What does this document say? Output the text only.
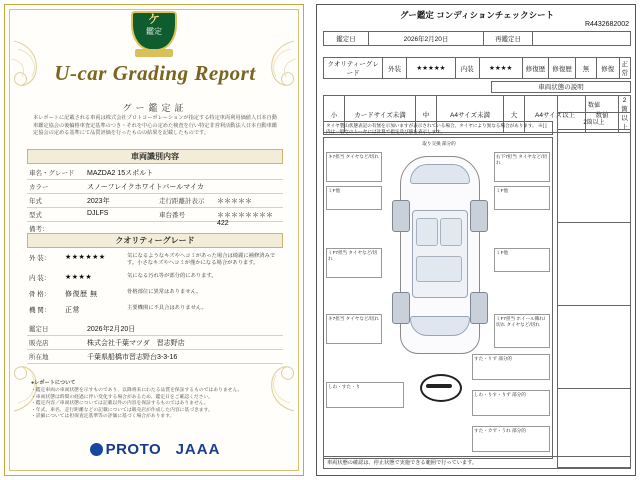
ケ
鑑定
U-car Grading Report
グー鑑定証
本レポートに記載される車両は株式会社プロトコーポレーションが指定する特定車両利用価値人日本自動車鑑定協会の後輪格車査定基準のつき・それを中心の定めた検査を行い特定非営利活動法人日本自動車鑑定協会の定める基準にて品質評価を行ったものの結果を記載したものです。
車両識別内容
車名・グレード	MAZDA2 15スポルト
カラー	スノーフレイクホワイトパールマイカ
年式	2023年	走行距離計表示	＊＊＊＊＊
型式	DJLFS	車台番号	＊＊＊＊＊＊＊＊422
備考：
クオリティーグレード
外 装：	★★★★★★	気になるようなキズやへコミがあった場合は綺麗に補修済みです。小さなキズやへコミが僅かになる場合があります。
内 装：	★★★★	気になる汚れ等が部分的にあります。
骨 格：	修復歴 無	骨格部位に異常はありません。
機 関：	正常	主要機関に不具合はありません。
鑑定日	2026年2月20日
販売店	株式会社千葉マツダ　習志野店
所在地	千葉県船橋市習志野台3-3-16
●レポートについて
・鑑定車両の車両状態を示すものであり、以降将来にわたる品質を保証するものではありません。
・車両状態は時間の経過に伴い変化する場合があるため、鑑定日をご確認ください。
・鑑定内容／車両状態については記載以外の内容を保証するものではありません。
・年式、車名、走行距離などの記載については販売店が作成した内容に基づきます。
・詳細については担保査定基準等の評価に基づく場合があります。
PROTO JAAA
グー鑑定 コンディションチェックシート
R4432682002
鑑定日	2026年2月20日	再鑑定日	
クオリティーグレード	外装	★★★★★	内装	★★★★	修復歴	修復歴	無	修復	正常
車両状態の説明
小	カードサイズ未満	中	A4サイズ未満	大	A4サイズ以上	数値	2箇以上
タイヤ製山状態表記の有無を示加いますが表示されている場合、タイヤにより異なる場合があります。 ※[ ]内は一般なのトーヤには計算で指定及び値を表示します。
キ7担当 タイヤなど/切れ
ミF他
ミF7担当 タイヤなど/切れ
キ7担当 タイヤなど/切れ
右下7担当 タイヤなど/切れ
ミF他
ミF他
ミF7担当 ホイール飾れ/切れ タイヤなど/切れ
取り交換 部分的
すた・リず 部分的
しわ・すた・り
しわ・りす・りず 部分的
すた・カず・うれ 部分的
数値
2箇以上

車両状態の確認は、停止状態で実施できる範囲で行っています。
